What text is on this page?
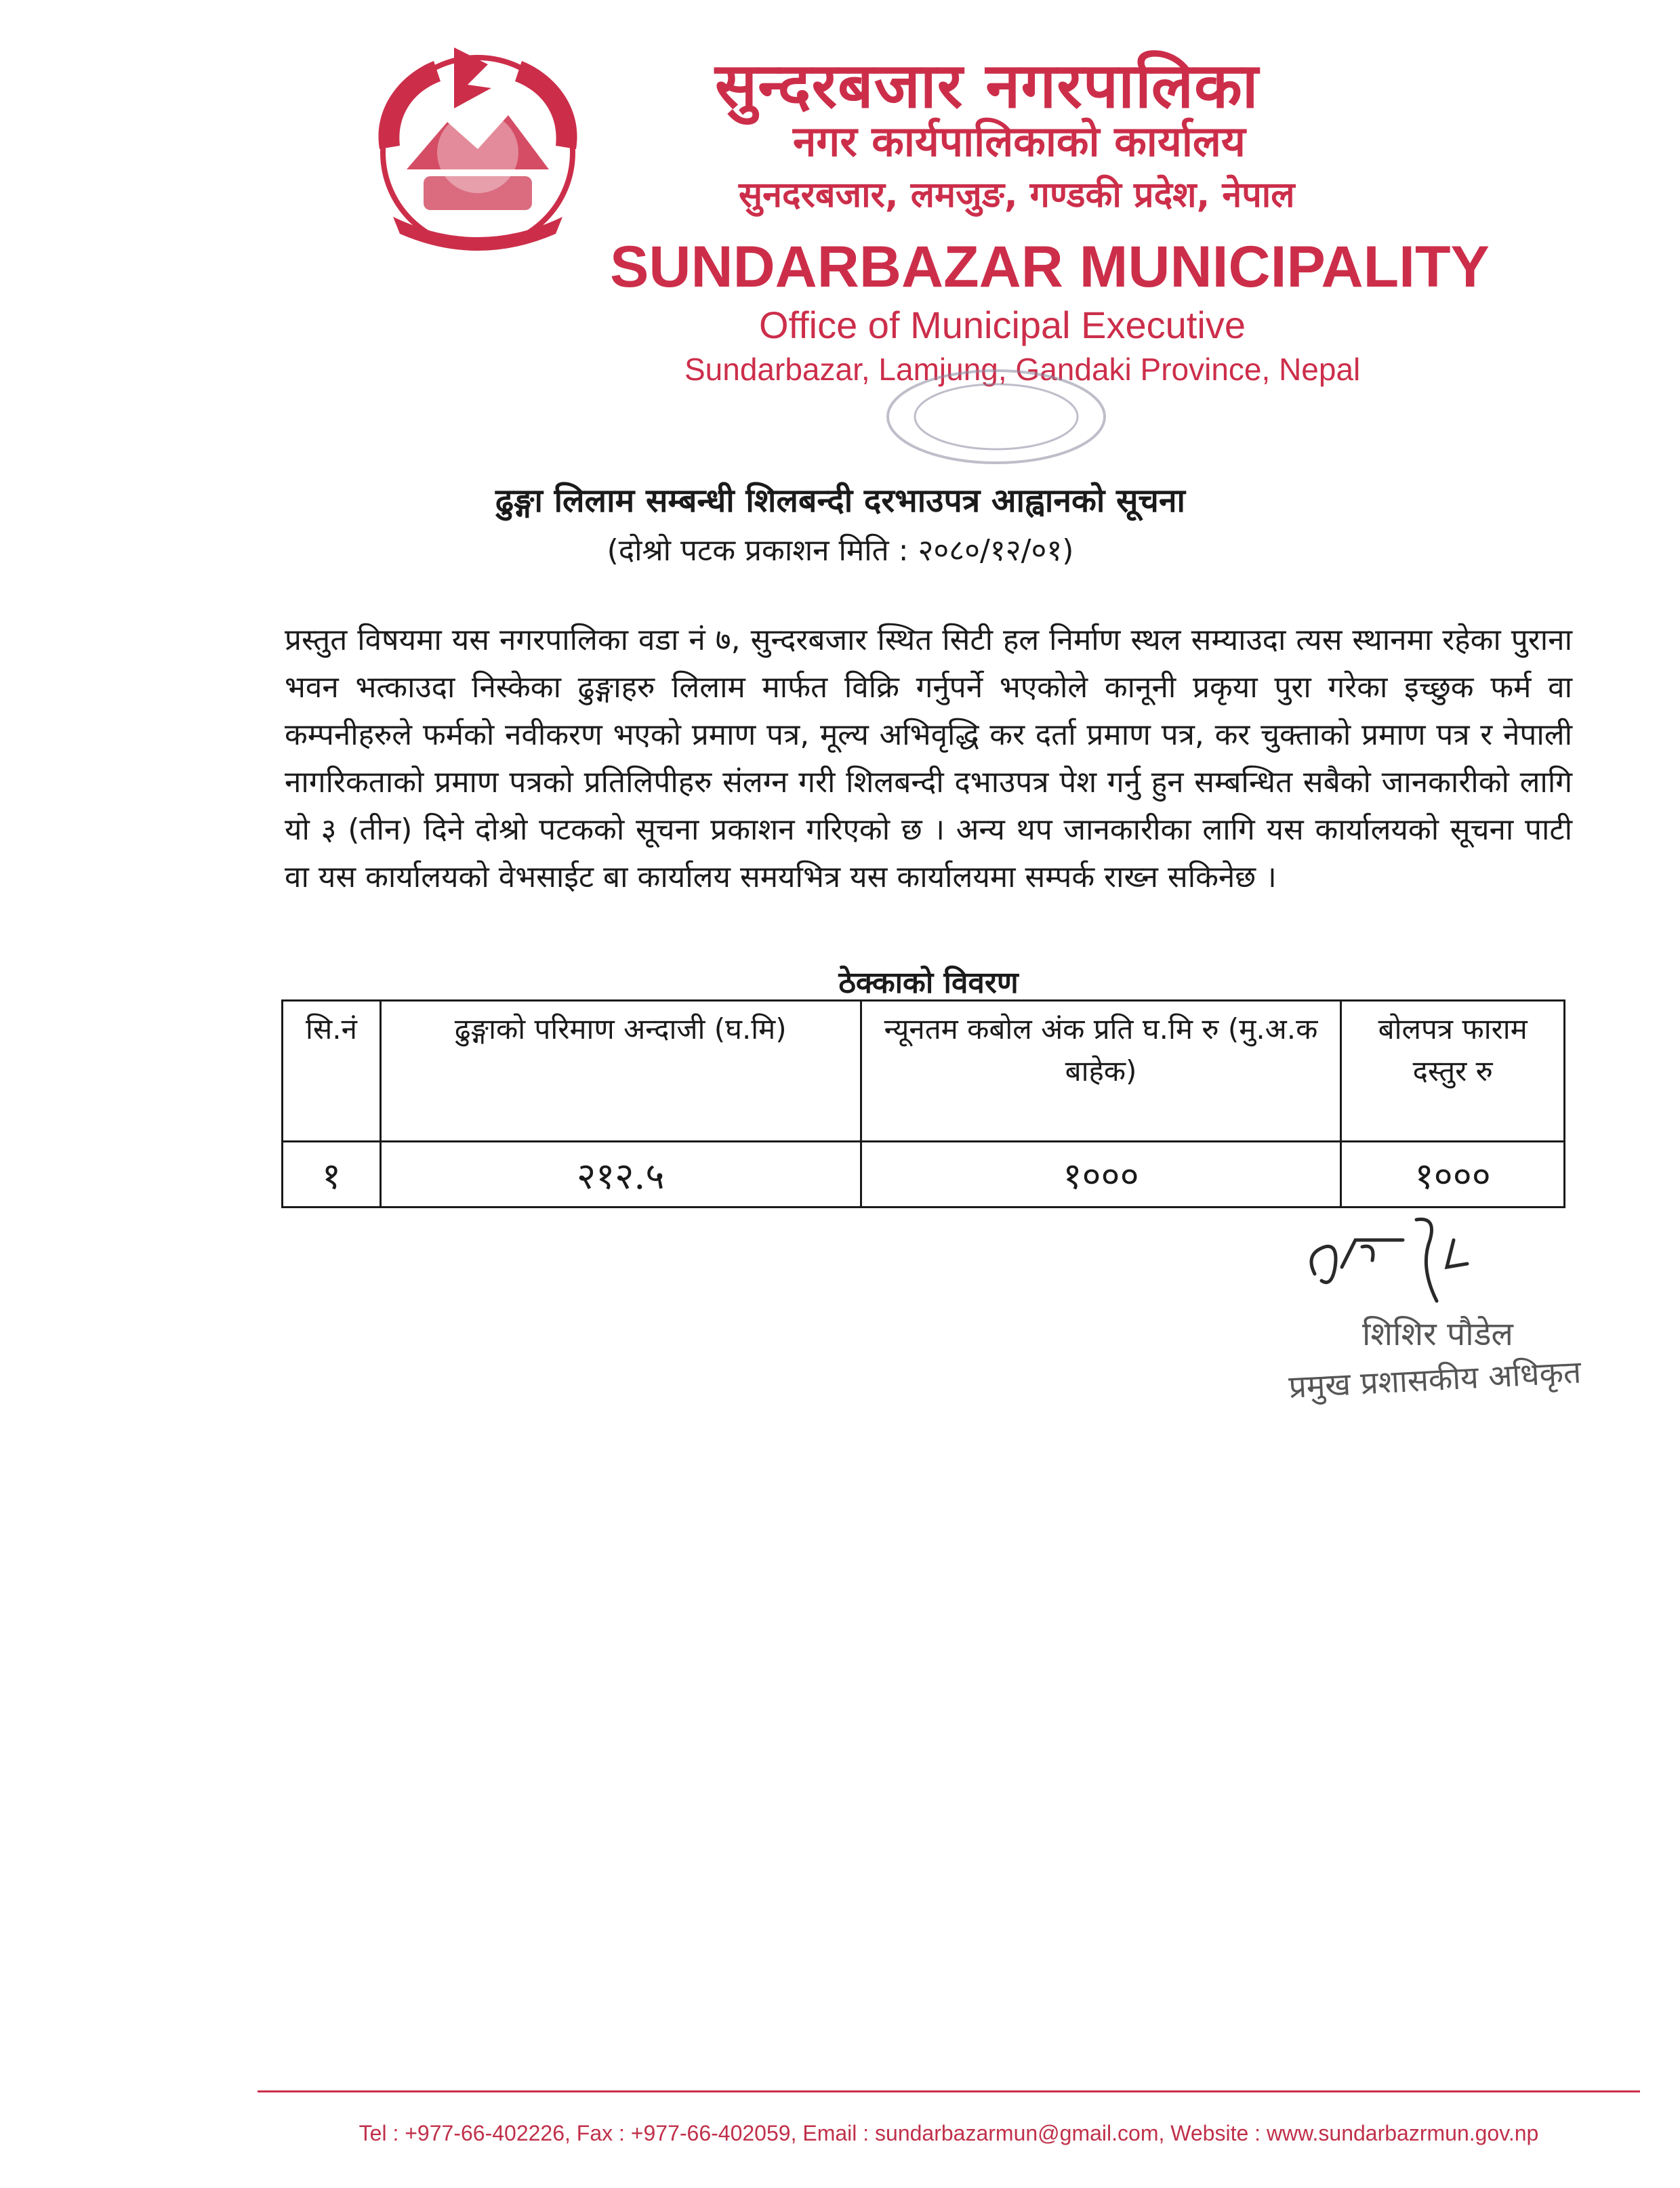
सुन्दरबजार नगरपालिका
नगर कार्यपालिकाको कार्यालय
सुनदरबजार, लमजुङ, गण्डकी प्रदेश, नेपाल
SUNDARBAZAR MUNICIPALITY
Office of Municipal Executive
Sundarbazar, Lamjung, Gandaki Province, Nepal
ढुङ्गा लिलाम सम्बन्धी शिलबन्दी दरभाउपत्र आह्वानको सूचना
(दोश्रो पटक प्रकाशन मिति : २०८०/१२/०१)
प्रस्तुत विषयमा यस नगरपालिका वडा नं ७, सुन्दरबजार स्थित सिटी हल निर्माण स्थल सम्याउदा त्यस स्थानमा रहेका पुराना भवन भत्काउदा निस्केका ढुङ्गाहरु लिलाम मार्फत विक्रि गर्नुपर्ने भएकोले कानूनी प्रकृया पुरा गरेका इच्छुक फर्म वा कम्पनीहरुले फर्मको नवीकरण भएको प्रमाण पत्र, मूल्य अभिवृद्धि कर दर्ता प्रमाण पत्र, कर चुक्ताको प्रमाण पत्र र नेपाली नागरिकताको प्रमाण पत्रको प्रतिलिपीहरु संलग्न गरी शिलबन्दी दभाउपत्र पेश गर्नु हुन सम्बन्धित सबैको जानकारीको लागि यो ३ (तीन) दिने दोश्रो पटकको सूचना प्रकाशन गरिएको छ । अन्य थप जानकारीका लागि यस कार्यालयको सूचना पाटी वा यस कार्यालयको वेभसाईट बा कार्यालय समयभित्र यस कार्यालयमा सम्पर्क राख्न सकिनेछ ।
ठेक्काको विवरण
सि.नं	ढुङ्गाको परिमाण अन्दाजी (घ.मि)	न्यूनतम कबोल अंक प्रति घ.मि रु (मु.अ.क बाहेक)	बोलपत्र फाराम दस्तुर रु
१	२१२.५	१०००	१०००
शिशिर पौडेल
प्रमुख प्रशासकीय अधिकृत
Tel : +977-66-402226, Fax : +977-66-402059, Email : sundarbazarmun@gmail.com, Website : www.sundarbazrmun.gov.np
